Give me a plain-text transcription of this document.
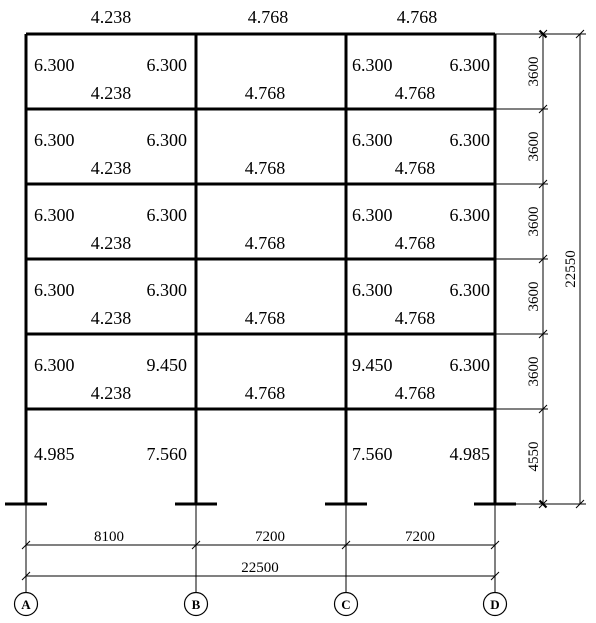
A	B	C	D
4.238	4.768	4.768
6.300	6.300	6.300	6.300
4.238	4.768	4.768
6.300	6.300	6.300	6.300
4.238	4.768	4.768
6.300	6.300	6.300	6.300
4.238	4.768	4.768
6.300	6.300	6.300	6.300
4.238	4.768	4.768
6.300	9.450	9.450	6.300
4.238	4.768	4.768
4.985	7.560	7.560	4.985
3600
3600
3600
3600
3600
4550
22550
8100	7200	7200
22500
